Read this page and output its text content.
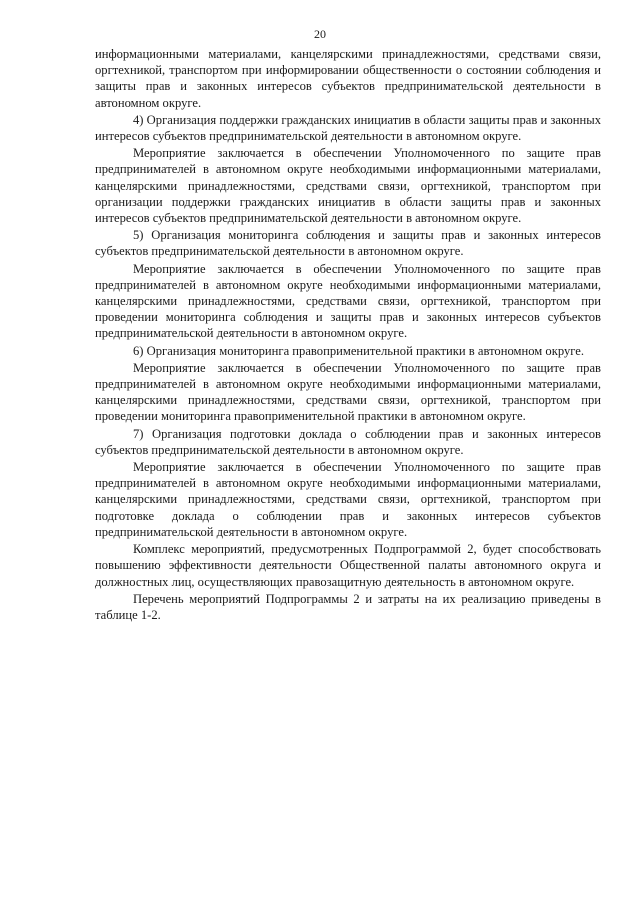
20

информационными материалами, канцелярскими принадлежностями, средствами связи, оргтехникой, транспортом при информировании общественности о состоянии соблюдения и защиты прав и законных интересов субъектов предпринимательской деятельности в автономном округе.

4) Организация поддержки гражданских инициатив в области защиты прав и законных интересов субъектов предпринимательской деятельности в автономном округе.

Мероприятие заключается в обеспечении Уполномоченного по защите прав предпринимателей в автономном округе необходимыми информационными материалами, канцелярскими принадлежностями, средствами связи, оргтехникой, транспортом при организации поддержки гражданских инициатив в области защиты прав и законных интересов субъектов предпринимательской деятельности в автономном округе.

5) Организация мониторинга соблюдения и защиты прав и законных интересов субъектов предпринимательской деятельности в автономном округе.

Мероприятие заключается в обеспечении Уполномоченного по защите прав предпринимателей в автономном округе необходимыми информационными материалами, канцелярскими принадлежностями, средствами связи, оргтехникой, транспортом при проведении мониторинга соблюдения и защиты прав и законных интересов субъектов предпринимательской деятельности в автономном округе.

6) Организация мониторинга правоприменительной практики в автономном округе.

Мероприятие заключается в обеспечении Уполномоченного по защите прав предпринимателей в автономном округе необходимыми информационными материалами, канцелярскими принадлежностями, средствами связи, оргтехникой, транспортом при проведении мониторинга правоприменительной практики в автономном округе.

7) Организация подготовки доклада о соблюдении прав и законных интересов субъектов предпринимательской деятельности в автономном округе.

Мероприятие заключается в обеспечении Уполномоченного по защите прав предпринимателей в автономном округе необходимыми информационными материалами, канцелярскими принадлежностями, средствами связи, оргтехникой, транспортом при подготовке доклада о соблюдении прав и законных интересов субъектов предпринимательской деятельности в автономном округе.

Комплекс мероприятий, предусмотренных Подпрограммой 2, будет способствовать повышению эффективности деятельности Общественной палаты автономного округа и должностных лиц, осуществляющих правозащитную деятельность в автономном округе.

Перечень мероприятий Подпрограммы 2 и затраты на их реализацию приведены в таблице 1-2.
